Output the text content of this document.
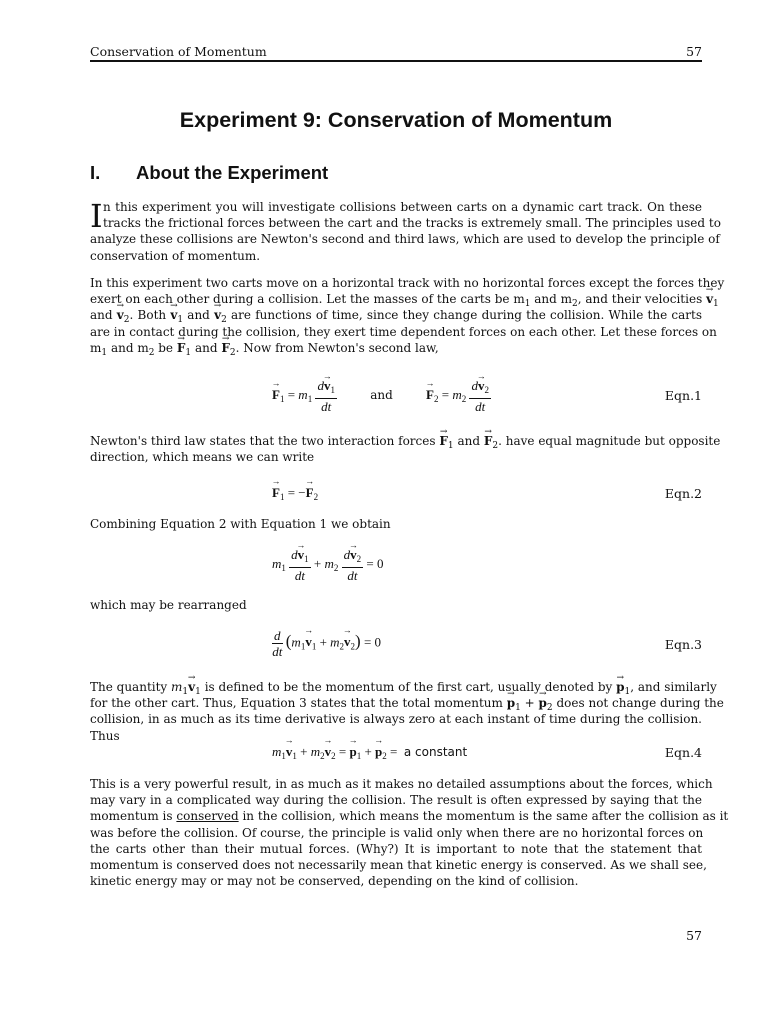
Conservation of Momentum	57
Experiment 9: Conservation of Momentum
I. About the Experiment
I n this experiment you will investigate collisions between carts on a dynamic cart track. On these
tracks the frictional forces between the cart and the tracks is extremely small. The principles used to
analyze these collisions are Newton's second and third laws, which are used to develop the principle of
conservation of momentum.
In this experiment two carts move on a horizontal track with no horizontal forces except the forces they
exert on each other during a collision. Let the masses of the carts be $m_1$ and $m_2$, and their velocities → $v_1$
and → $v_2$. Both → $v_1$ and → $v_2$ are functions of time, since they change during the collision. While the carts
are in contact during the collision, they exert time dependent forces on each other. Let these forces on
$m_1$ and $m_2$ be → $F_1$ and → $F_2$. Now from Newton's second law,
→ $F_1 = m_1 \frac{d\to v_1}{dt}$	and	→ $F_2 = m_2 \frac{d\to v_2}{dt}$	Eqn.1
Newton's third law states that the two interaction forces → $F_1$ and → $F_2$. have equal magnitude but opposite
direction, which means we can write
→ $F_1$ = −→ $F_2$	Eqn.2
Combining Equation 2 with Equation 1 we obtain
$m_1 \frac{d\to v_1}{dt} + m_2 \frac{d\to v_2}{dt} = 0$
which may be rearranged
$\frac{d}{dt} (m_1\to v_1 + m_2\to v_2) = 0$	Eqn.3
The quantity $m_1\to v_1$ is defined to be the momentum of the first cart, usually denoted by → $p_1$, and similarly
for the other cart. Thus, Equation 3 states that the total momentum → $p_1$ + → $p_2$ does not change during the
collision, in as much as its time derivative is always zero at each instant of time during the collision.
Thus
$m_1\to v_1 + m_2\to v_2$ = → $p_1$ + → $p_2 = a$ constant	Eqn.4
This is a very powerful result, in as much as it makes no detailed assumptions about the forces, which
may vary in a complicated way during the collision. The result is often expressed by saying that the
momentum is conserved in the collision, which means the momentum is the same after the collision as it
was before the collision. Of course, the principle is valid only when there are no horizontal forces on
the carts other than their mutual forces. (Why?) It is important to note that the statement that
momentum is conserved does not necessarily mean that kinetic energy is conserved. As we shall see,
kinetic energy may or may not be conserved, depending on the kind of collision.
57
